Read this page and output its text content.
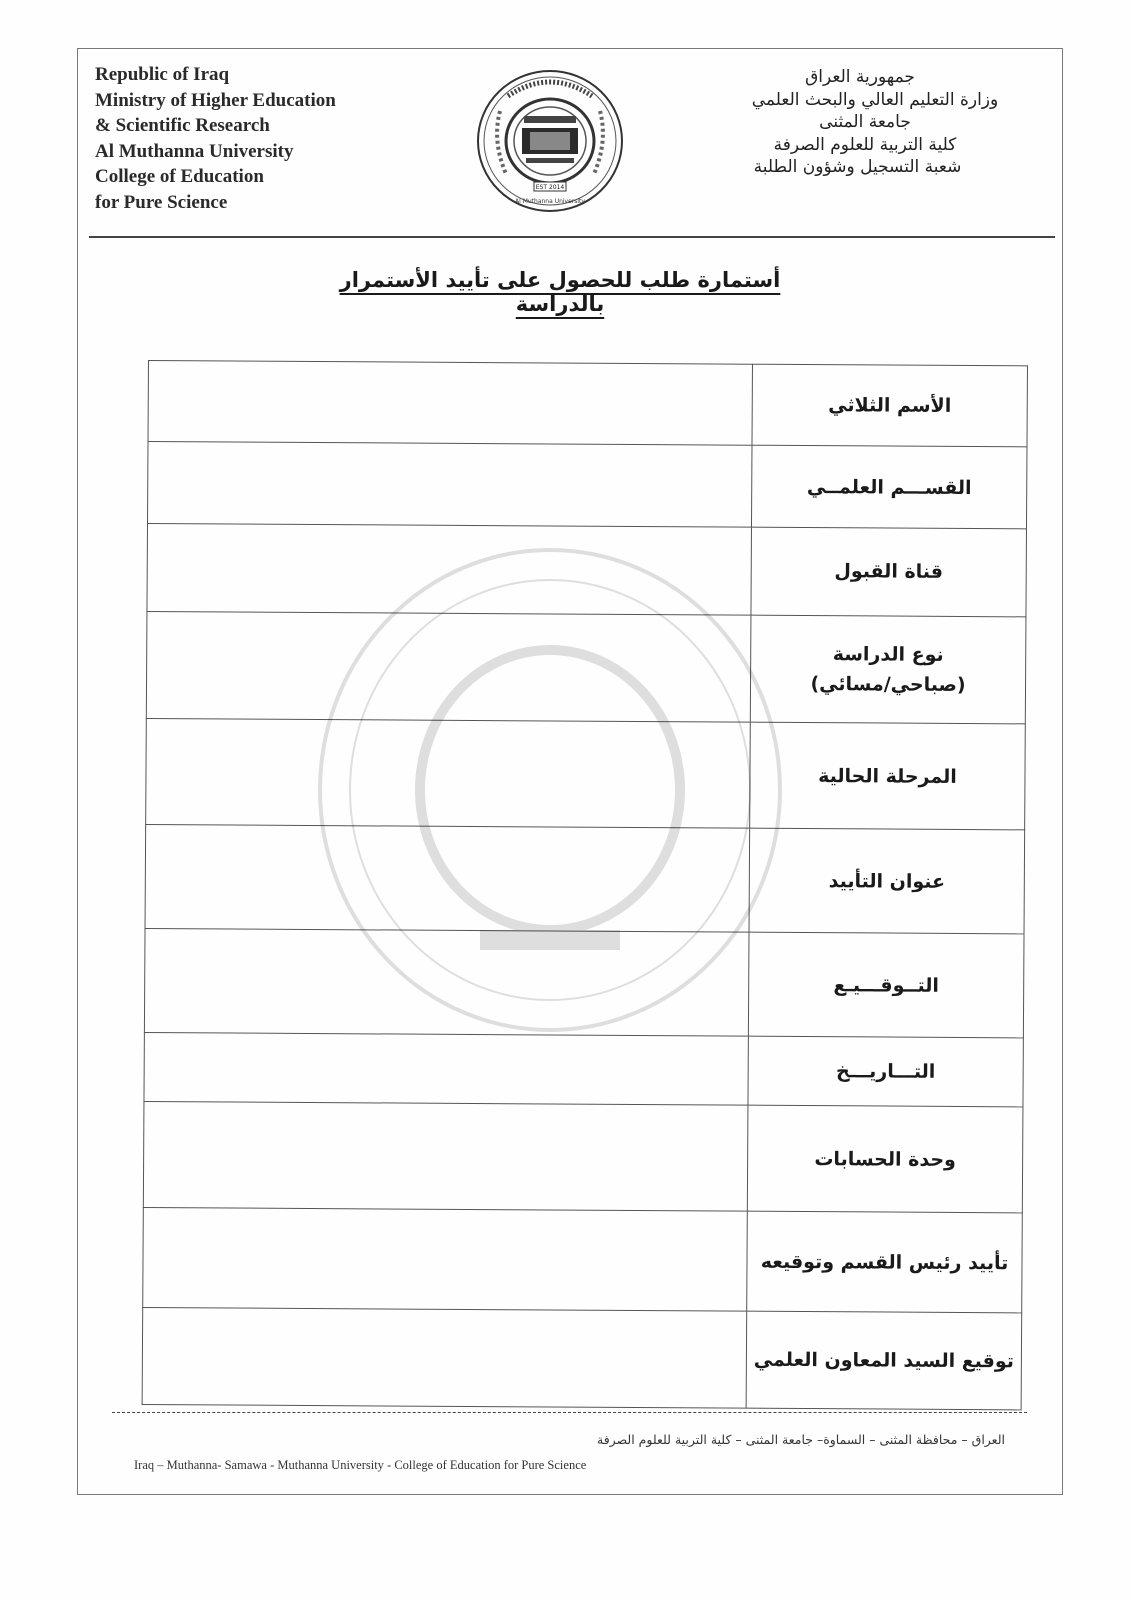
Republic of Iraq
Ministry of Higher Education
& Scientific Research
Al Muthanna University
College of Education
for Pure Science
EST 2014
Al Muthanna University
جمهورية العراق
وزارة التعليم العالي والبحث العلمي
جامعة المثنى
كلية التربية للعلوم الصرفة
شعبة التسجيل وشؤون الطلبة
أستمارة طلب للحصول على تأييد الأستمرار بالدراسة
الأسم الثلاثي	
القســـم العلمــي	
قناة القبول	
نوع الدراسة
(صباحي/مسائي)	
المرحلة الحالية	
عنوان التأييد	
التــوقـــيـع	
التـــاريـــخ	
وحدة الحسابات	
تأييد رئيس القسم وتوقيعه	
توقيع السيد المعاون العلمي	
العراق – محافظة المثنى – السماوة– جامعة المثنى – كلية التربية للعلوم الصرفة
Iraq – Muthanna- Samawa - Muthanna University - College of Education for Pure Science
